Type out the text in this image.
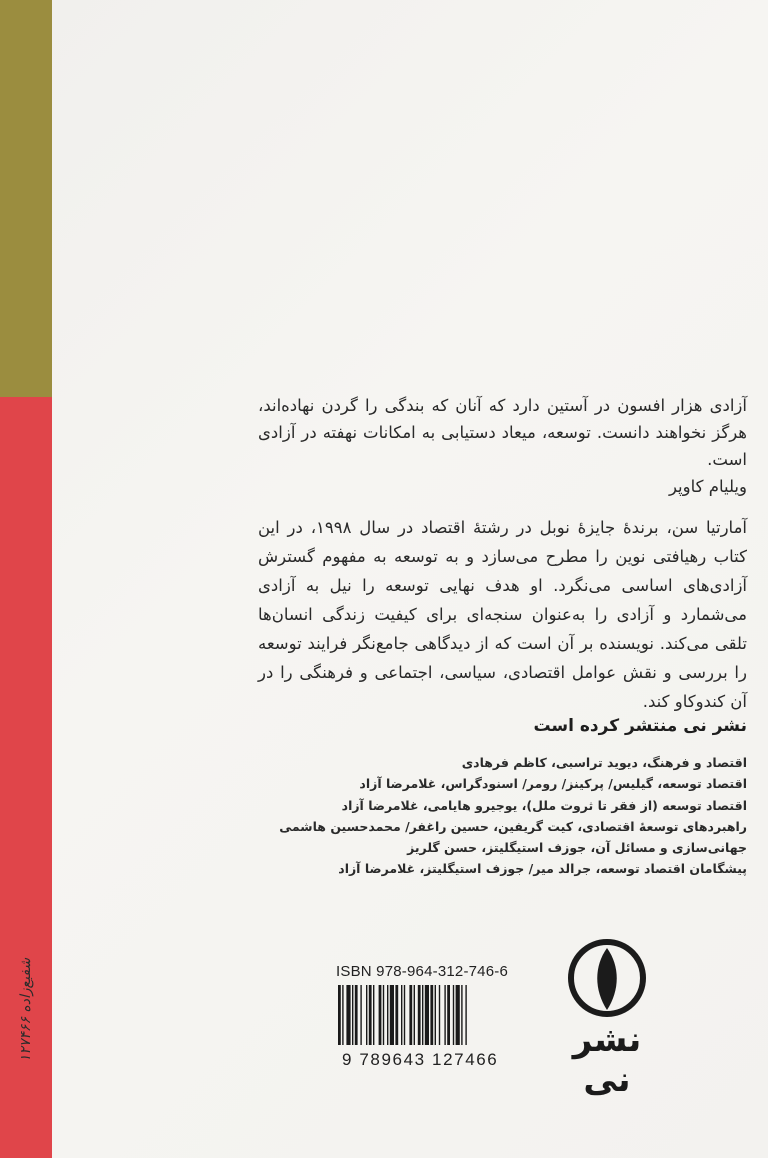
شفیع‌زاده ۱۲۷۴۶۶
آزادی هزار افسون در آستین دارد که آنان که بندگی را گردن نهاده‌اند، هرگز نخواهند دانست. توسعه، میعاد دستیابی به امکانات نهفته در آزادی است.
ویلیام کاوپر
آمارتیا سن، برندهٔ جایزهٔ نوبل در رشتهٔ اقتصاد در سال ۱۹۹۸، در این کتاب رهیافتی نوین را مطرح می‌سازد و به توسعه به مفهوم گسترش آزادی‌های اساسی می‌نگرد. او هدف نهایی توسعه را نیل به آزادی می‌شمارد و آزادی را به‌عنوان سنجه‌ای برای کیفیت زندگی انسان‌ها تلقی می‌کند. نویسنده بر آن است که از دیدگاهی جامع‌نگر فرایند توسعه را بررسی و نقش عوامل اقتصادی، سیاسی، اجتماعی و فرهنگی را در آن کندوکاو کند.
نشر نی منتشر کرده است
اقتصاد و فرهنگ، دیوید تراسبی، کاظم فرهادی
اقتصاد توسعه، گیلیس/ پرکینز/ رومر/ اسنودگراس، غلامرضا آزاد
اقتصاد توسعه (از فقر تا ثروت ملل)، یوجیرو هایامی، غلامرضا آزاد
راهبردهای توسعهٔ اقتصادی، کیت گریفین، حسین راغفر/ محمدحسین هاشمی
جهانی‌سازی و مسائل آن، جوزف استیگلیتز، حسن گلریز
پیشگامان اقتصاد توسعه، جرالد میر/ جوزف استیگلیتز، غلامرضا آزاد
ISBN 978-964-312-746-6
9 789643 127466	نشر نی
